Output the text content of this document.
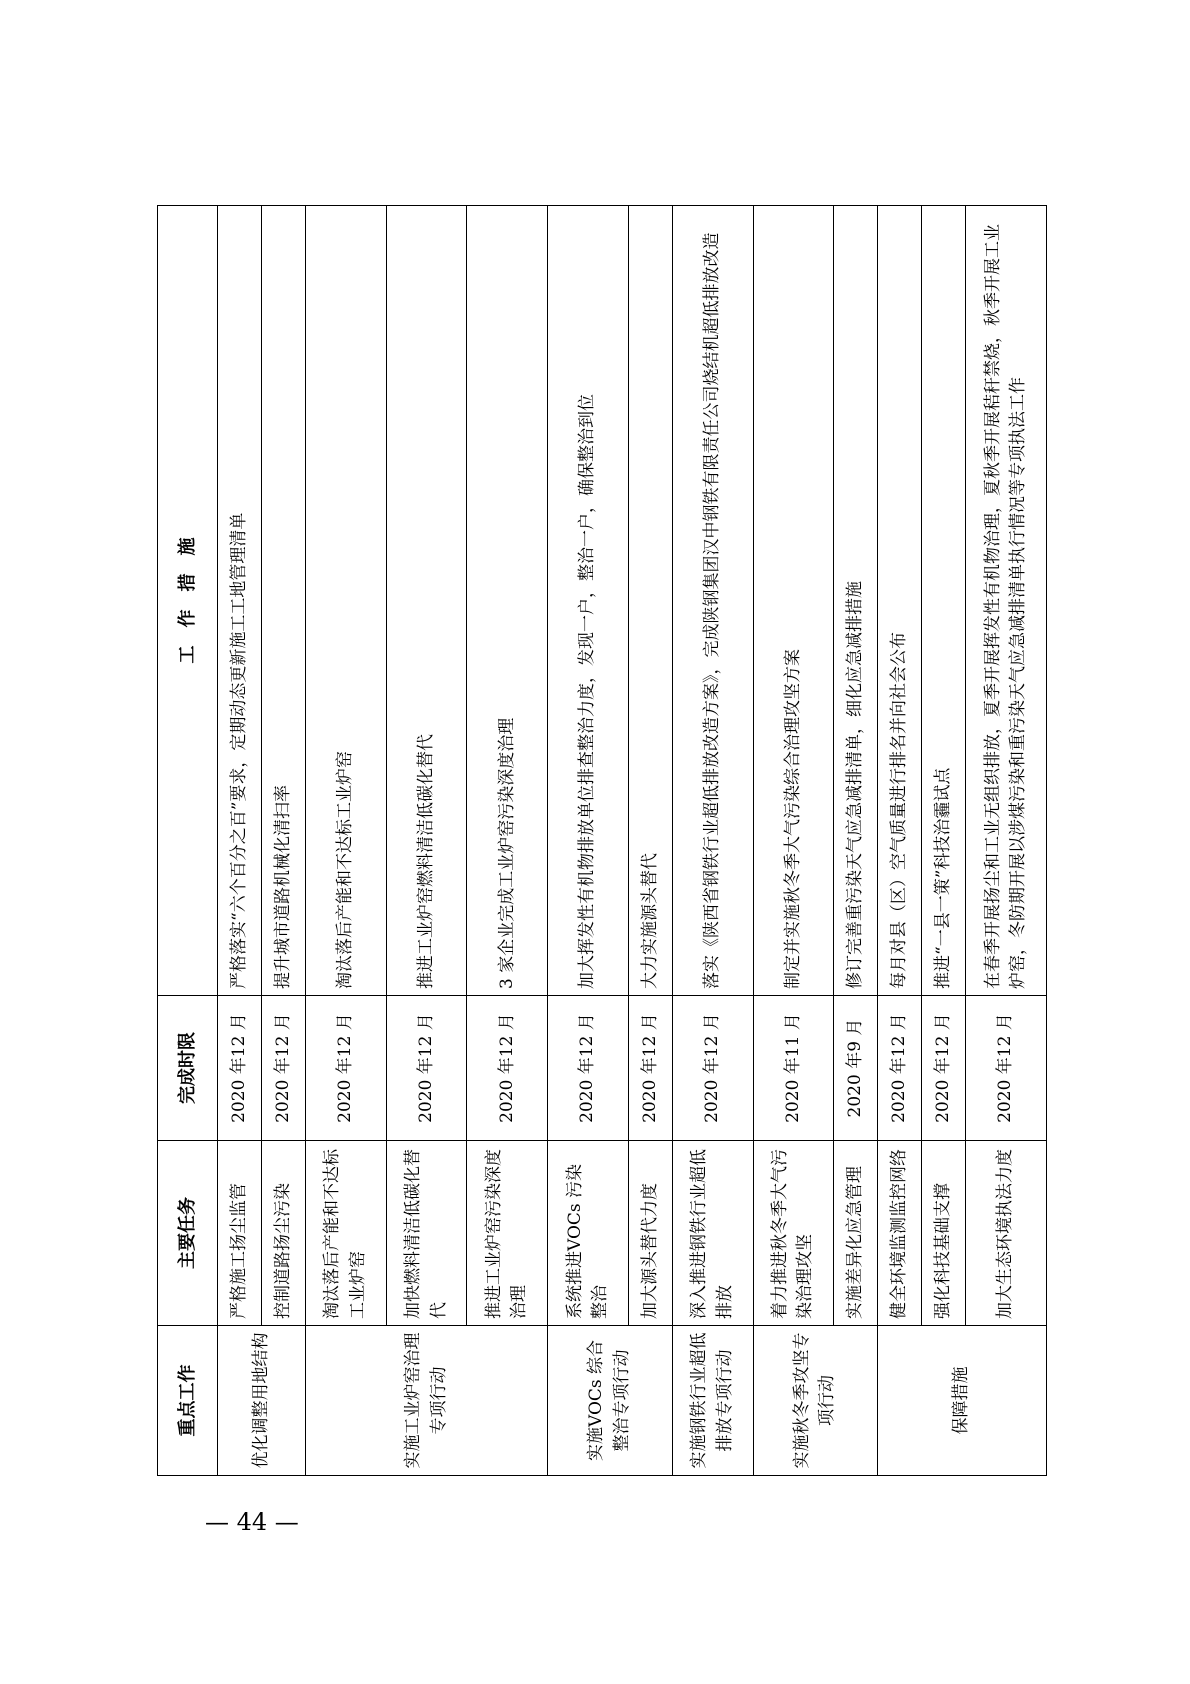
重点工作	主要任务	完成时限	工　作　措　施
优化调整用地结构	严格施工扬尘监管	2020 年12 月	严格落实“六个百分之百”要求，定期动态更新施工工地管理清单
	控制道路扬尘污染	2020 年12 月	提升城市道路机械化清扫率
实施工业炉窑治理专项行动	淘汰落后产能和不达标工业炉窑	2020 年12 月	淘汰落后产能和不达标工业炉窑
	加快燃料清洁低碳化替代	2020 年12 月	推进工业炉窑燃料清洁低碳化替代
	推进工业炉窑污染深度治理	2020 年12 月	3 家企业完成工业炉窑污染深度治理
实施VOCs 综合整治专项行动	系统推进VOCs 污染整治	2020 年12 月	加大挥发性有机物排放单位排查整治力度，发现一户，整治一户，确保整治到位
	加大源头替代力度	2020 年12 月	大力实施源头替代
实施钢铁行业超低排放专项行动	深入推进钢铁行业超低排放	2020 年12 月	落实《陕西省钢铁行业超低排放改造方案》，完成陕钢集团汉中钢铁有限责任公司烧结机超低排放改造
实施秋冬季攻坚专项行动	着力推进秋冬季大气污染治理攻坚	2020 年11 月	制定并实施秋冬季大气污染综合治理攻坚方案
	实施差异化应急管理	2020 年9 月	修订完善重污染天气应急减排清单，细化应急减排措施
保障措施	健全环境监测监控网络	2020 年12 月	每月对县（区）空气质量进行排名并向社会公布
	强化科技基础支撑	2020 年12 月	推进“一县一策”科技治霾试点
	加大生态环境执法力度	2020 年12 月	在春季开展扬尘和工业无组织排放，夏季开展挥发性有机物治理，夏秋季开展秸秆禁烧，秋季开展工业炉窑，冬防期开展以涉煤污染和重污染天气应急减排清单执行情况等专项执法工作
— 44 —
